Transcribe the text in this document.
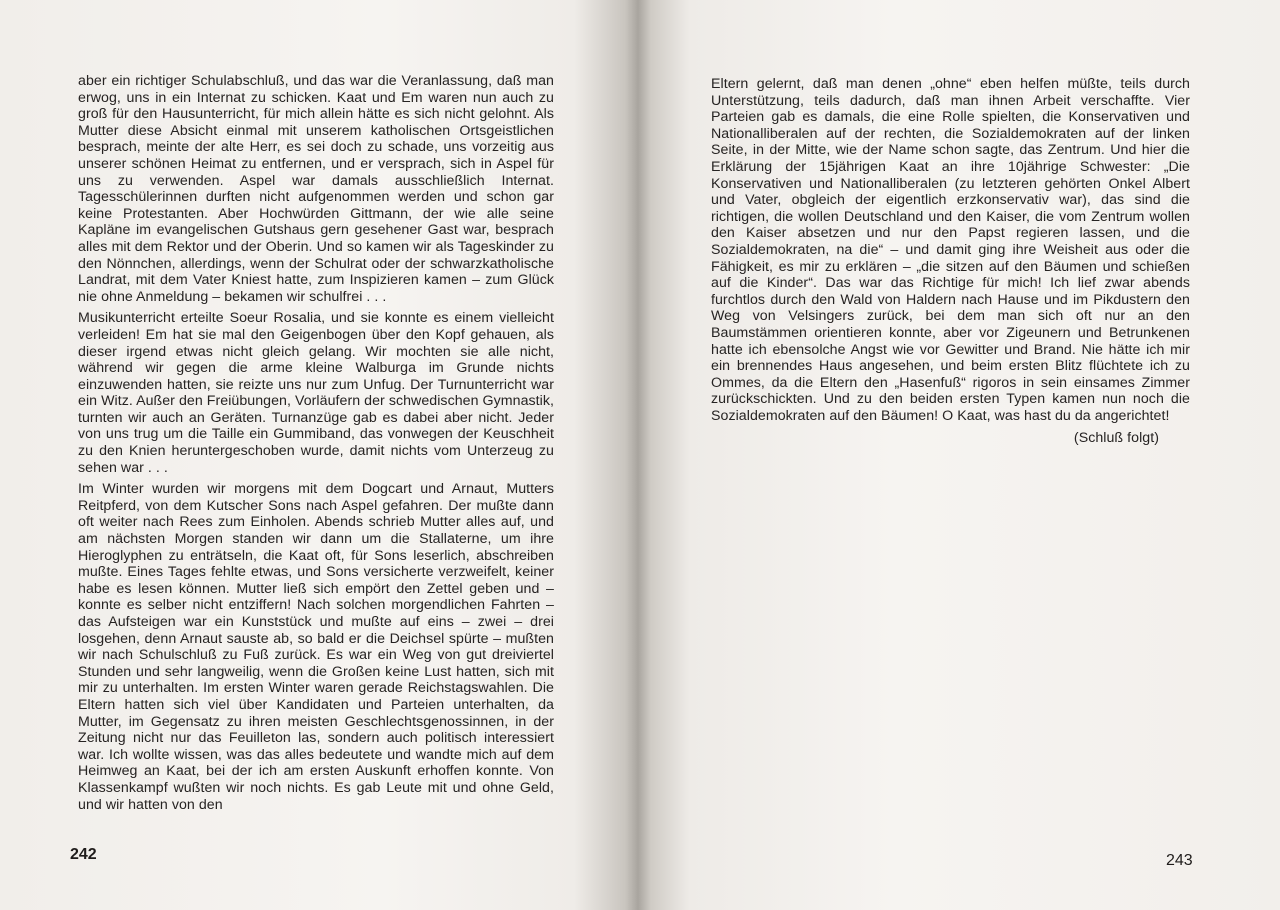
aber ein richtiger Schulabschluß, und das war die Veranlassung, daß man erwog, uns in ein Internat zu schicken. Kaat und Em waren nun auch zu groß für den Hausunterricht, für mich allein hätte es sich nicht gelohnt. Als Mutter diese Absicht einmal mit unserem katholischen Ortsgeistlichen besprach, meinte der alte Herr, es sei doch zu schade, uns vorzeitig aus unserer schönen Heimat zu entfernen, und er versprach, sich in Aspel für uns zu verwenden. Aspel war damals ausschließlich Internat. Tagesschülerinnen durften nicht aufgenommen werden und schon gar keine Protestanten. Aber Hochwürden Gittmann, der wie alle seine Kapläne im evangelischen Gutshaus gern gesehener Gast war, besprach alles mit dem Rektor und der Oberin. Und so kamen wir als Tageskinder zu den Nönnchen, allerdings, wenn der Schulrat oder der schwarzkatholische Landrat, mit dem Vater Kniest hatte, zum Inspizieren kamen – zum Glück nie ohne Anmeldung – bekamen wir schulfrei . . .

Musikunterricht erteilte Soeur Rosalia, und sie konnte es einem vielleicht verleiden! Em hat sie mal den Geigenbogen über den Kopf gehauen, als dieser irgend etwas nicht gleich gelang. Wir mochten sie alle nicht, während wir gegen die arme kleine Walburga im Grunde nichts einzuwenden hatten, sie reizte uns nur zum Unfug. Der Turnunterricht war ein Witz. Außer den Freiübungen, Vorläufern der schwedischen Gymnastik, turnten wir auch an Geräten. Turnanzüge gab es dabei aber nicht. Jeder von uns trug um die Taille ein Gummiband, das vonwegen der Keuschheit zu den Knien heruntergeschoben wurde, damit nichts vom Unterzeug zu sehen war . . .

Im Winter wurden wir morgens mit dem Dogcart und Arnaut, Mutters Reitpferd, von dem Kutscher Sons nach Aspel gefahren. Der mußte dann oft weiter nach Rees zum Einholen. Abends schrieb Mutter alles auf, und am nächsten Morgen standen wir dann um die Stallaterne, um ihre Hieroglyphen zu enträtseln, die Kaat oft, für Sons leserlich, abschreiben mußte. Eines Tages fehlte etwas, und Sons versicherte verzweifelt, keiner habe es lesen können. Mutter ließ sich empört den Zettel geben und – konnte es selber nicht entziffern! Nach solchen morgendlichen Fahrten – das Aufsteigen war ein Kunststück und mußte auf eins – zwei – drei losgehen, denn Arnaut sauste ab, so bald er die Deichsel spürte – mußten wir nach Schulschluß zu Fuß zurück. Es war ein Weg von gut dreiviertel Stunden und sehr langweilig, wenn die Großen keine Lust hatten, sich mit mir zu unterhalten. Im ersten Winter waren gerade Reichstagswahlen. Die Eltern hatten sich viel über Kandidaten und Parteien unterhalten, da Mutter, im Gegensatz zu ihren meisten Geschlechtsgenossinnen, in der Zeitung nicht nur das Feuilleton las, sondern auch politisch interessiert war. Ich wollte wissen, was das alles bedeutete und wandte mich auf dem Heimweg an Kaat, bei der ich am ersten Auskunft erhoffen konnte. Von Klassenkampf wußten wir noch nichts. Es gab Leute mit und ohne Geld, und wir hatten von den

242

Eltern gelernt, daß man denen „ohne“ eben helfen müßte, teils durch Unterstützung, teils dadurch, daß man ihnen Arbeit verschaffte. Vier Parteien gab es damals, die eine Rolle spielten, die Konservativen und Nationalliberalen auf der rechten, die Sozialdemokraten auf der linken Seite, in der Mitte, wie der Name schon sagte, das Zentrum. Und hier die Erklärung der 15jährigen Kaat an ihre 10jährige Schwester: „Die Konservativen und Nationalliberalen (zu letzteren gehörten Onkel Albert und Vater, obgleich der eigentlich erzkonservativ war), das sind die richtigen, die wollen Deutschland und den Kaiser, die vom Zentrum wollen den Kaiser absetzen und nur den Papst regieren lassen, und die Sozialdemokraten, na die“ – und damit ging ihre Weisheit aus oder die Fähigkeit, es mir zu erklären – „die sitzen auf den Bäumen und schießen auf die Kinder“. Das war das Richtige für mich! Ich lief zwar abends furchtlos durch den Wald von Haldern nach Hause und im Pikdustern den Weg von Velsingers zurück, bei dem man sich oft nur an den Baumstämmen orientieren konnte, aber vor Zigeunern und Betrunkenen hatte ich ebensolche Angst wie vor Gewitter und Brand. Nie hätte ich mir ein brennendes Haus angesehen, und beim ersten Blitz flüchtete ich zu Ommes, da die Eltern den „Hasenfuß“ rigoros in sein einsames Zimmer zurückschickten. Und zu den beiden ersten Typen kamen nun noch die Sozialdemokraten auf den Bäumen! O Kaat, was hast du da angerichtet!

(Schluß folgt)

243
